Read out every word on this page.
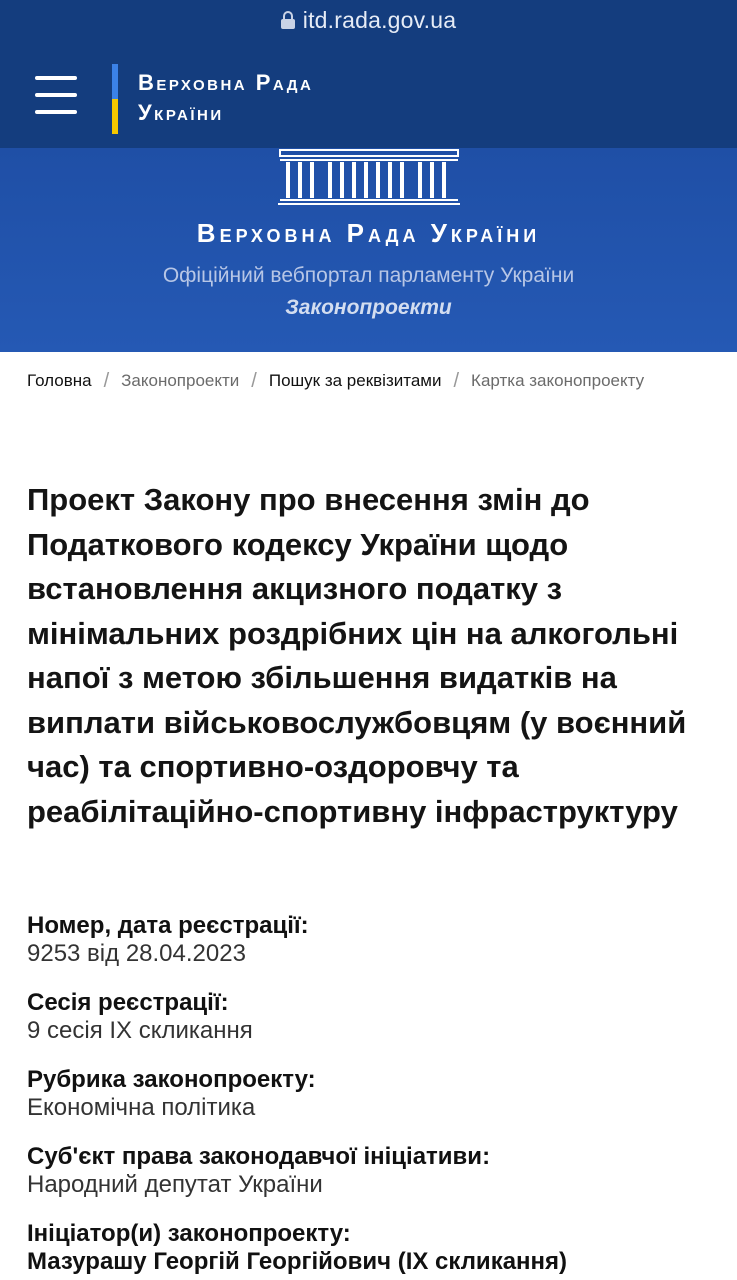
itd.rada.gov.ua
Верховна Рада
України
Верховна Рада України
Офіційний вебпортал парламенту України
Законопроекти
Головна / Законопроекти / Пошук за реквізитами / Картка законопроекту
Проект Закону про внесення змін до Податкового кодексу України щодо встановлення акцизного податку з мінімальних роздрібних цін на алкогольні напої з метою збільшення видатків на виплати військовослужбовцям (у воєнний час) та спортивно-оздоровчу та реабілітаційно-спортивну інфраструктуру
Номер, дата реєстрації:
9253 від 28.04.2023
Сесія реєстрації:
9 сесія IX скликання
Рубрика законопроекту:
Економічна політика
Суб'єкт права законодавчої ініціативи:
Народний депутат України
Ініціатор(и) законопроекту:
Мазурашу Георгій Георгійович (IX скликання)
